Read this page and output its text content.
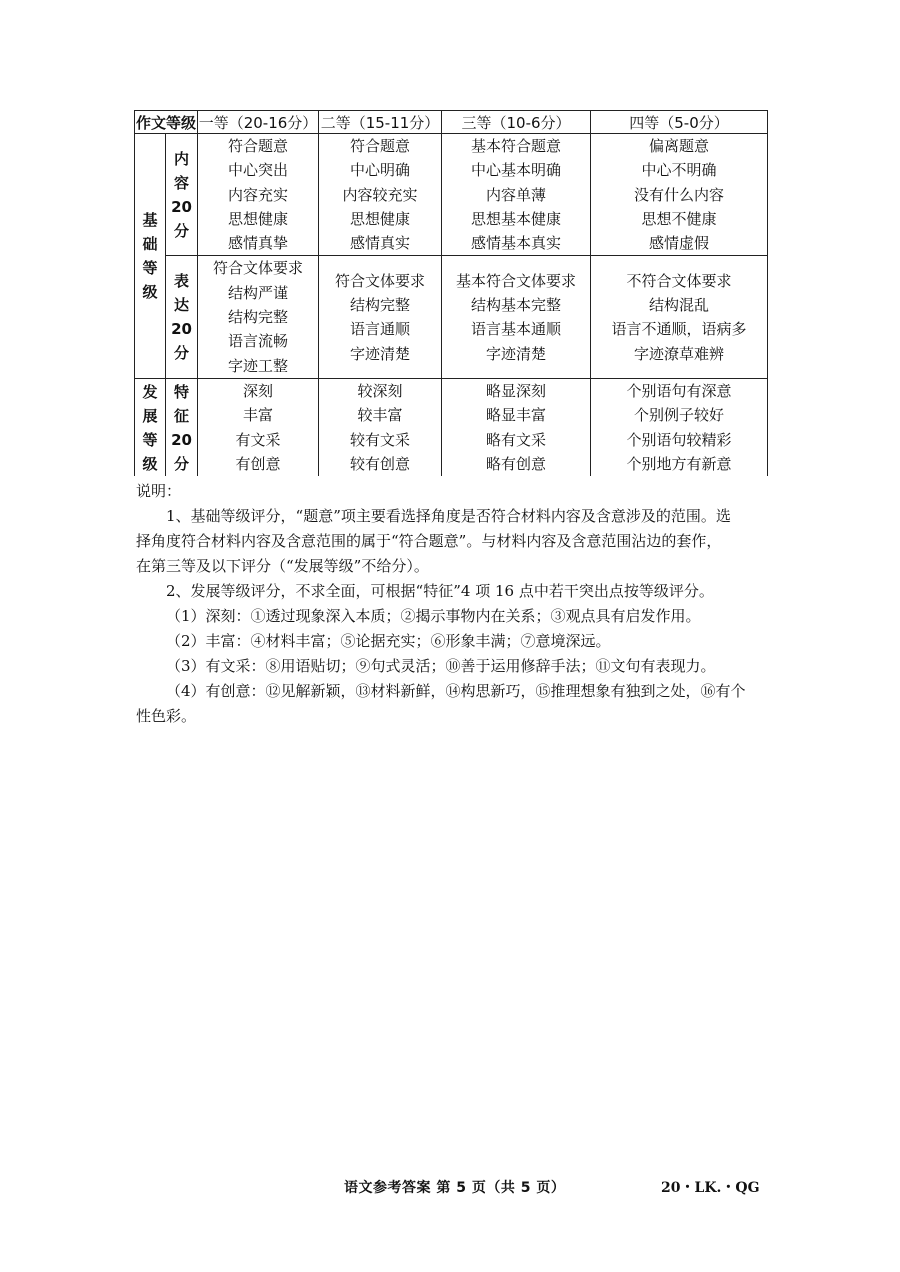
作文等级		一等（20-16分）	二等（15-11分）	三等（10-6分）	四等（5-0分）

基
础
等
级	内
容
20
分	符合题意
中心突出
内容充实
思想健康
感情真挚	符合题意
中心明确
内容较充实
思想健康
感情真实	基本符合题意
中心基本明确
内容单薄
思想基本健康
感情基本真实	偏离题意
中心不明确
没有什么内容
思想不健康
感情虚假

	表
达
20
分	符合文体要求
结构严谨
结构完整
语言流畅
字迹工整	符合文体要求
结构完整
语言通顺
字迹清楚	基本符合文体要求
结构基本完整
语言基本通顺
字迹清楚	不符合文体要求
结构混乱
语言不通顺，语病多
字迹潦草难辨

发
展
等
级	特
征
20
分	深刻
丰富
有文采
有创意	较深刻
较丰富
较有文采
较有创意	略显深刻
略显丰富
略有文采
略有创意	个别语句有深意
个别例子较好
个别语句较精彩
个别地方有新意

说明：

1、基础等级评分，“题意”项主要看选择角度是否符合材料内容及含意涉及的范围。选

择角度符合材料内容及含意范围的属于“符合题意”。与材料内容及含意范围沾边的套作，

在第三等及以下评分（“发展等级”不给分）。

2、发展等级评分，不求全面，可根据“特征”4 项 16 点中若干突出点按等级评分。

（1）深刻：①透过现象深入本质；②揭示事物内在关系；③观点具有启发作用。

（2）丰富：④材料丰富；⑤论据充实；⑥形象丰满；⑦意境深远。

（3）有文采：⑧用语贴切；⑨句式灵活；⑩善于运用修辞手法；⑪文句有表现力。

（4）有创意：⑫见解新颖，⑬材料新鲜，⑭构思新巧，⑮推理想象有独到之处，⑯有个

性色彩。

语文参考答案 第 5 页（共 5 页）	20・LK.・QG
